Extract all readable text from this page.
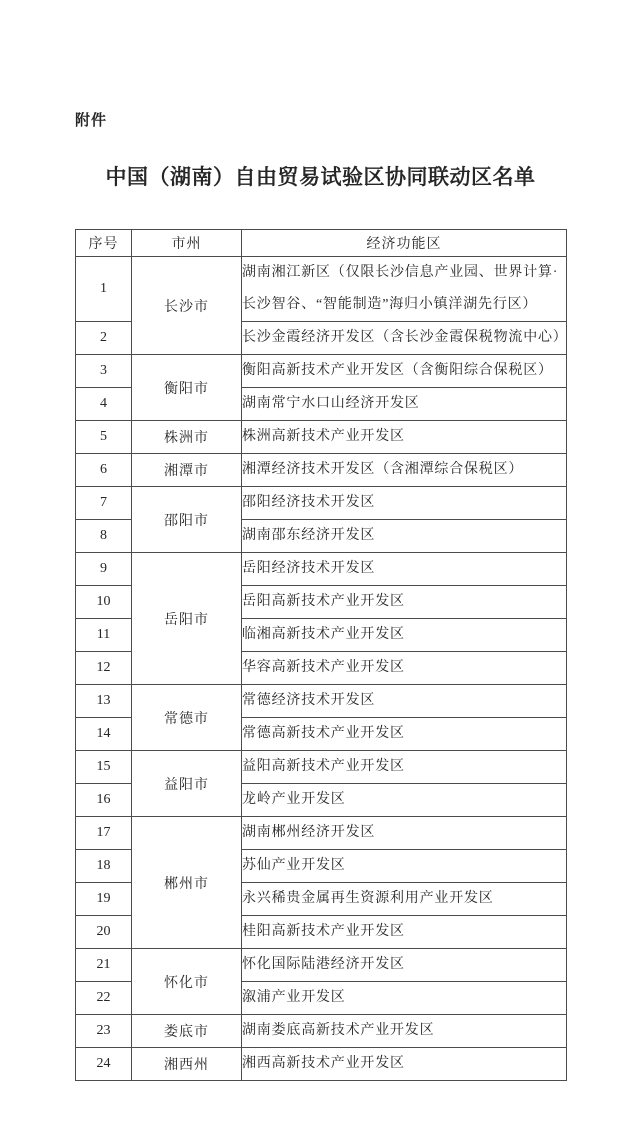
附件
中国（湖南）自由贸易试验区协同联动区名单
序号	市州	经济功能区
1	长沙市	湖南湘江新区（仅限长沙信息产业园、世界计算·长沙智谷、“智能制造”海归小镇洋湖先行区）
2		长沙金霞经济开发区（含长沙金霞保税物流中心）
3	衡阳市	衡阳高新技术产业开发区（含衡阳综合保税区）
4		湖南常宁水口山经济开发区
5	株洲市	株洲高新技术产业开发区
6	湘潭市	湘潭经济技术开发区（含湘潭综合保税区）
7	邵阳市	邵阳经济技术开发区
8		湖南邵东经济开发区
9	岳阳市	岳阳经济技术开发区
10		岳阳高新技术产业开发区
11		临湘高新技术产业开发区
12		华容高新技术产业开发区
13	常德市	常德经济技术开发区
14		常德高新技术产业开发区
15	益阳市	益阳高新技术产业开发区
16		龙岭产业开发区
17	郴州市	湖南郴州经济开发区
18		苏仙产业开发区
19		永兴稀贵金属再生资源利用产业开发区
20		桂阳高新技术产业开发区
21	怀化市	怀化国际陆港经济开发区
22		溆浦产业开发区
23	娄底市	湖南娄底高新技术产业开发区
24	湘西州	湘西高新技术产业开发区
